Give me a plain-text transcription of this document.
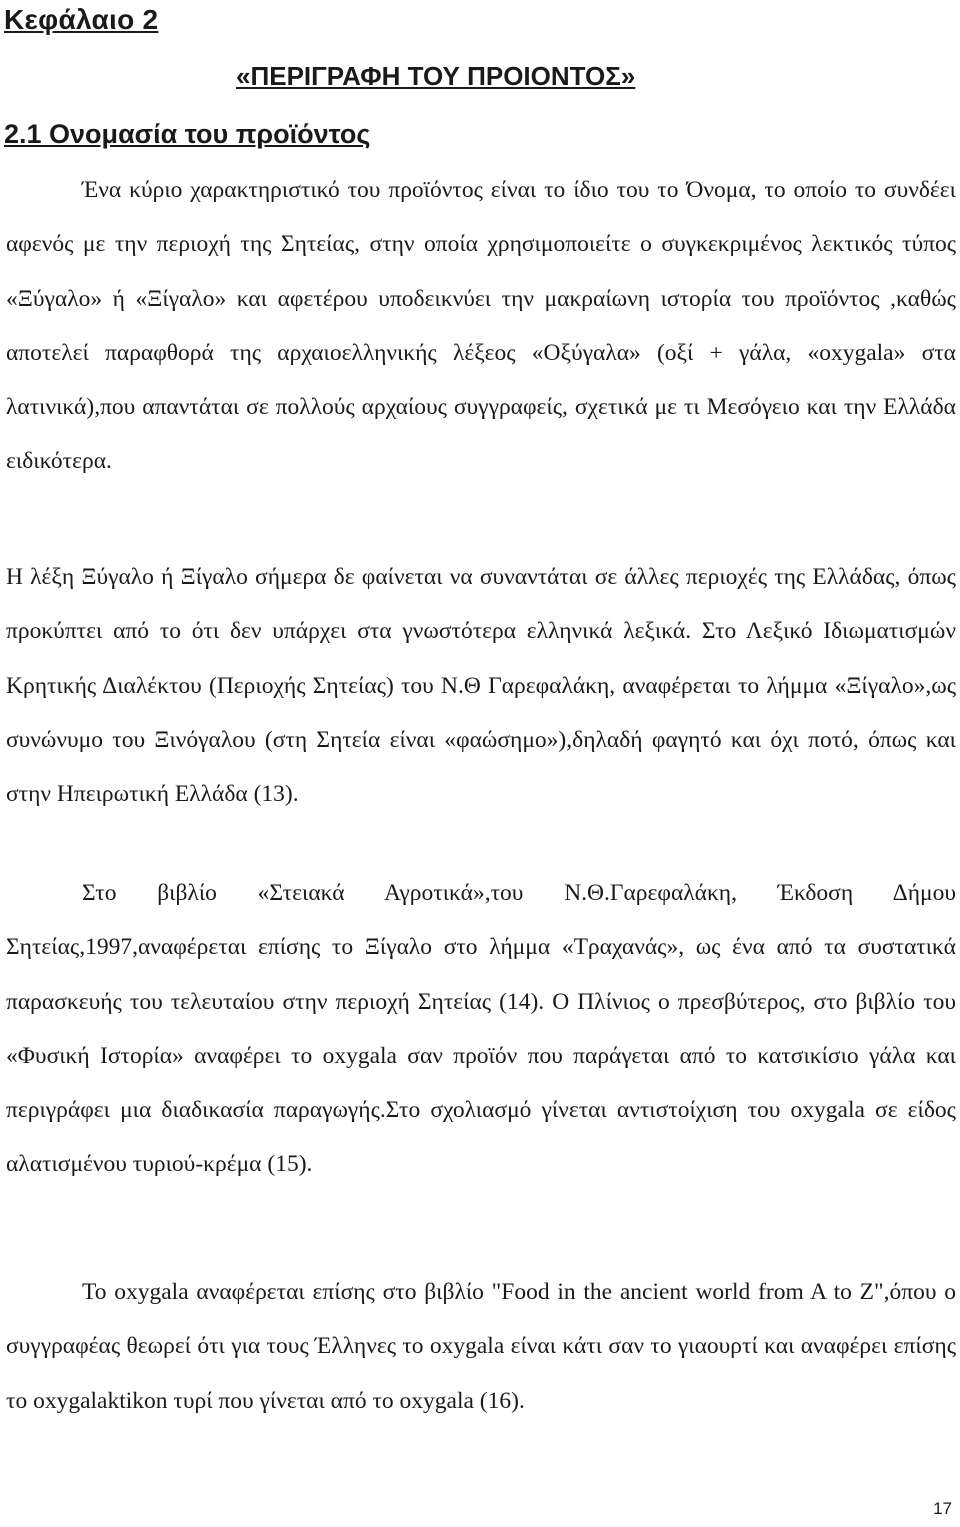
Κεφάλαιο 2
«ΠΕΡΙΓΡΑΦΗ ΤΟΥ ΠΡΟΙΟΝΤΟΣ»
2.1 Ονομασία του προϊόντος

Ένα κύριο χαρακτηριστικό του προϊόντος είναι το ίδιο του το Όνομα, το οποίο το συνδέει αφενός με την περιοχή της Σητείας, στην οποία χρησιμοποιείτε ο συγκεκριμένος λεκτικός τύπος «Ξύγαλο» ή «Ξίγαλο» και αφετέρου υποδεικνύει την μακραίωνη ιστορία του προϊόντος ,καθώς αποτελεί παραφθορά της αρχαιοελληνικής λέξεος «Οξύγαλα» (οξί + γάλα, «oxygala» στα λατινικά),που απαντάται σε πολλούς αρχαίους συγγραφείς, σχετικά με τι Μεσόγειο και την Ελλάδα ειδικότερα.

Η λέξη Ξύγαλο ή Ξίγαλο σήμερα δε φαίνεται να συναντάται σε άλλες περιοχές της Ελλάδας, όπως προκύπτει από το ότι δεν υπάρχει στα γνωστότερα ελληνικά λεξικά. Στο Λεξικό Ιδιωματισμών Κρητικής Διαλέκτου (Περιοχής Σητείας) του Ν.Θ Γαρεφαλάκη, αναφέρεται το λήμμα «Ξίγαλο»,ως συνώνυμο του Ξινόγαλου (στη Σητεία είναι «φαώσημο»),δηλαδή φαγητό και όχι ποτό, όπως και στην Ηπειρωτική Ελλάδα (13).

Στο βιβλίο «Στειακά Αγροτικά»,του Ν.Θ.Γαρεφαλάκη, Έκδοση Δήμου Σητείας,1997,αναφέρεται επίσης το Ξίγαλο στο λήμμα «Τραχανάς», ως ένα από τα συστατικά παρασκευής του τελευταίου στην περιοχή Σητείας (14). Ο Πλίνιος ο πρεσβύτερος, στο βιβλίο του «Φυσική Ιστορία» αναφέρει το oxygala σαν προϊόν που παράγεται από το κατσικίσιο γάλα και περιγράφει μια διαδικασία παραγωγής.Στο σχολιασμό γίνεται αντιστοίχιση του oxygala σε είδος αλατισμένου τυριού-κρέμα (15).

Το oxygala αναφέρεται επίσης στο βιβλίο "Food in the ancient world from A to Z",όπου ο συγγραφέας θεωρεί ότι για τους Έλληνες το oxygala είναι κάτι σαν το γιαουρτί και αναφέρει επίσης το oxygalaktikon τυρί που γίνεται από το oxygala (16).

17
